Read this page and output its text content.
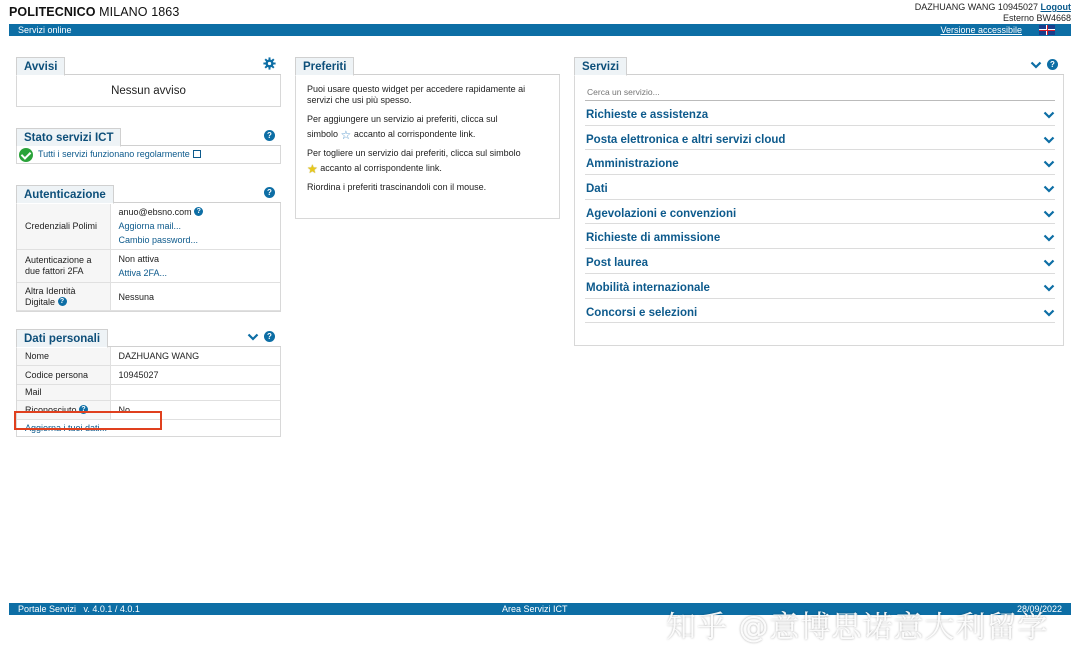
POLITECNICO MILANO 1863	DAZHUANG WANG 10945027 Logout
Esterno BW4668
Servizi online	Versione accessibile
Avvisi
Nessun avviso
Stato servizi ICT	?
Tutti i servizi funzionano regolarmente
Autenticazione	?
Credenziali Polimi	anuo@ebsno.com ?
Aggiorna mail...
Cambio password...
Autenticazione a due fattori 2FA	Non attiva
Attiva 2FA...
Altra Identità Digitale ?	Nessuna
Dati personali	?
Nome	DAZHUANG WANG
Codice persona	10945027
Mail	
Riconosciuto ?	No
Aggiorna i tuoi dati...	
Preferiti

Puoi usare questo widget per accedere rapidamente ai servizi che usi più spesso.

Per aggiungere un servizio ai preferiti, clicca sul

simbolo ☆ accanto al corrispondente link.

Per togliere un servizio dai preferiti, clicca sul simbolo

★ accanto al corrispondente link.

Riordina i preferiti trascinandoli con il mouse.

Servizi	?
Cerca un servizio...
Richieste e assistenza
Posta elettronica e altri servizi cloud
Amministrazione
Dati
Agevolazioni e convenzioni
Richieste di ammissione
Post laurea
Mobilità internazionale
Concorsi e selezioni
Portale Servizi   v. 4.0.1 / 4.0.1	Area Servizi ICT	28/09/2022
知乎 @意博思诺意大利留学
